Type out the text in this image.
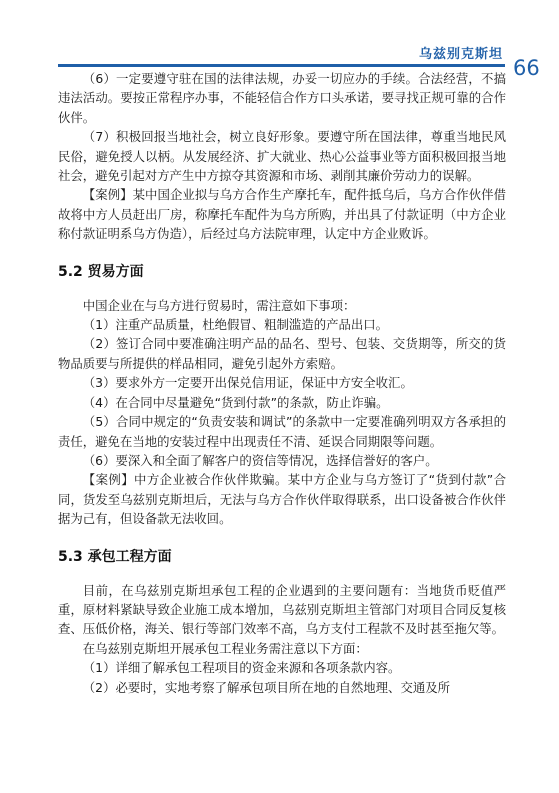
乌兹别克斯坦
66

（6）一定要遵守驻在国的法律法规，办妥一切应办的手续。合法经营，不搞违法活动。要按正常程序办事，不能轻信合作方口头承诺，要寻找正规可靠的合作伙伴。

（7）积极回报当地社会，树立良好形象。要遵守所在国法律，尊重当地民风民俗，避免授人以柄。从发展经济、扩大就业、热心公益事业等方面积极回报当地社会，避免引起对方产生中方掠夺其资源和市场、剥削其廉价劳动力的误解。

【案例】某中国企业拟与乌方合作生产摩托车，配件抵乌后，乌方合作伙伴借故将中方人员赶出厂房，称摩托车配件为乌方所购，并出具了付款证明（中方企业称付款证明系乌方伪造），后经过乌方法院审理，认定中方企业败诉。

5.2 贸易方面

中国企业在与乌方进行贸易时，需注意如下事项：

（1）注重产品质量，杜绝假冒、粗制滥造的产品出口。

（2）签订合同中要准确注明产品的品名、型号、包装、交货期等，所交的货物品质要与所提供的样品相同，避免引起外方索赔。

（3）要求外方一定要开出保兑信用证，保证中方安全收汇。

（4）在合同中尽量避免“货到付款”的条款，防止诈骗。

（5）合同中规定的“负责安装和调试”的条款中一定要准确列明双方各承担的责任，避免在当地的安装过程中出现责任不清、延误合同期限等问题。

（6）要深入和全面了解客户的资信等情况，选择信誉好的客户。

【案例】中方企业被合作伙伴欺骗。某中方企业与乌方签订了“货到付款”合同，货发至乌兹别克斯坦后，无法与乌方合作伙伴取得联系，出口设备被合作伙伴据为己有，但设备款无法收回。

5.3 承包工程方面

目前，在乌兹别克斯坦承包工程的企业遇到的主要问题有：当地货币贬值严重，原材料紧缺导致企业施工成本增加，乌兹别克斯坦主管部门对项目合同反复核查、压低价格，海关、银行等部门效率不高，乌方支付工程款不及时甚至拖欠等。

在乌兹别克斯坦开展承包工程业务需注意以下方面：

（1）详细了解承包工程项目的资金来源和各项条款内容。

（2）必要时，实地考察了解承包项目所在地的自然地理、交通及所
